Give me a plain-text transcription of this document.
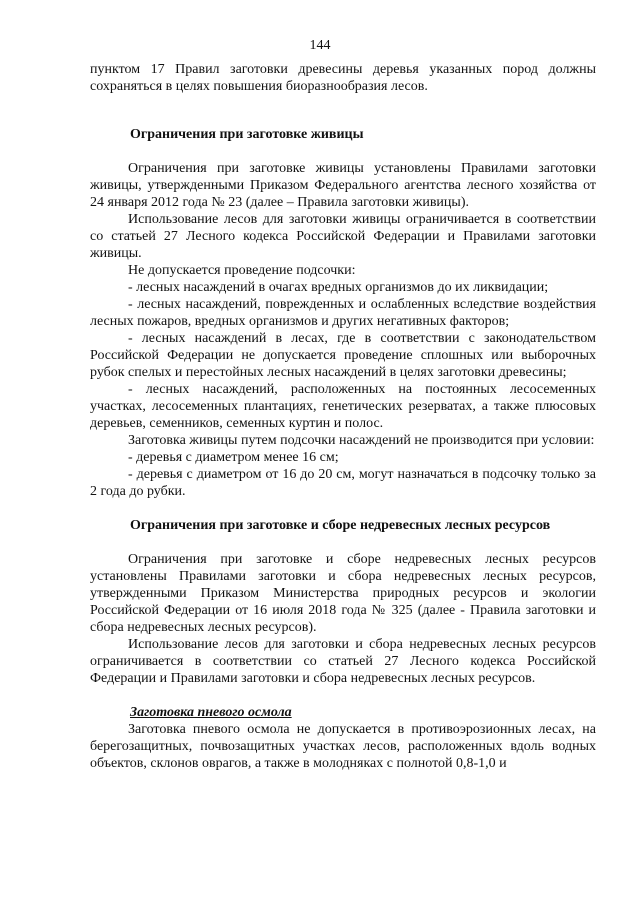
144

пунктом 17 Правил заготовки древесины деревья указанных пород должны сохраняться в целях повышения биоразнообразия лесов.

Ограничения при заготовке живицы

Ограничения при заготовке живицы установлены Правилами заготовки живицы, утвержденными Приказом Федерального агентства лесного хозяйства от 24 января 2012 года № 23 (далее – Правила заготовки живицы).

Использование лесов для заготовки живицы ограничивается в соответствии со статьей 27 Лесного кодекса Российской Федерации и Правилами заготовки живицы.

Не допускается проведение подсочки:

- лесных насаждений в очагах вредных организмов до их ликвидации;

- лесных насаждений, поврежденных и ослабленных вследствие воздействия лесных пожаров, вредных организмов и других негативных факторов;

- лесных насаждений в лесах, где в соответствии с законодательством Российской Федерации не допускается проведение сплошных или выборочных рубок спелых и перестойных лесных насаждений в целях заготовки древесины;

- лесных насаждений, расположенных на постоянных лесосеменных участках, лесосеменных плантациях, генетических резерватах, а также плюсовых деревьев, семенников, семенных куртин и полос.

Заготовка живицы путем подсочки насаждений не производится при условии:

- деревья с диаметром менее 16 см;

- деревья с диаметром от 16 до 20 см, могут назначаться в подсочку только за 2 года до рубки.

Ограничения при заготовке и сборе недревесных лесных ресурсов

Ограничения при заготовке и сборе недревесных лесных ресурсов установлены Правилами заготовки и сбора недревесных лесных ресурсов, утвержденными Приказом Министерства природных ресурсов и экологии Российской Федерации от 16 июля 2018 года № 325 (далее - Правила заготовки и сбора недревесных лесных ресурсов).

Использование лесов для заготовки и сбора недревесных лесных ресурсов ограничивается в соответствии со статьей 27 Лесного кодекса Российской Федерации и Правилами заготовки и сбора недревесных лесных ресурсов.

Заготовка пневого осмола

Заготовка пневого осмола не допускается в противоэрозионных лесах, на берегозащитных, почвозащитных участках лесов, расположенных вдоль водных объектов, склонов оврагов, а также в молодняках с полнотой 0,8-1,0 и
